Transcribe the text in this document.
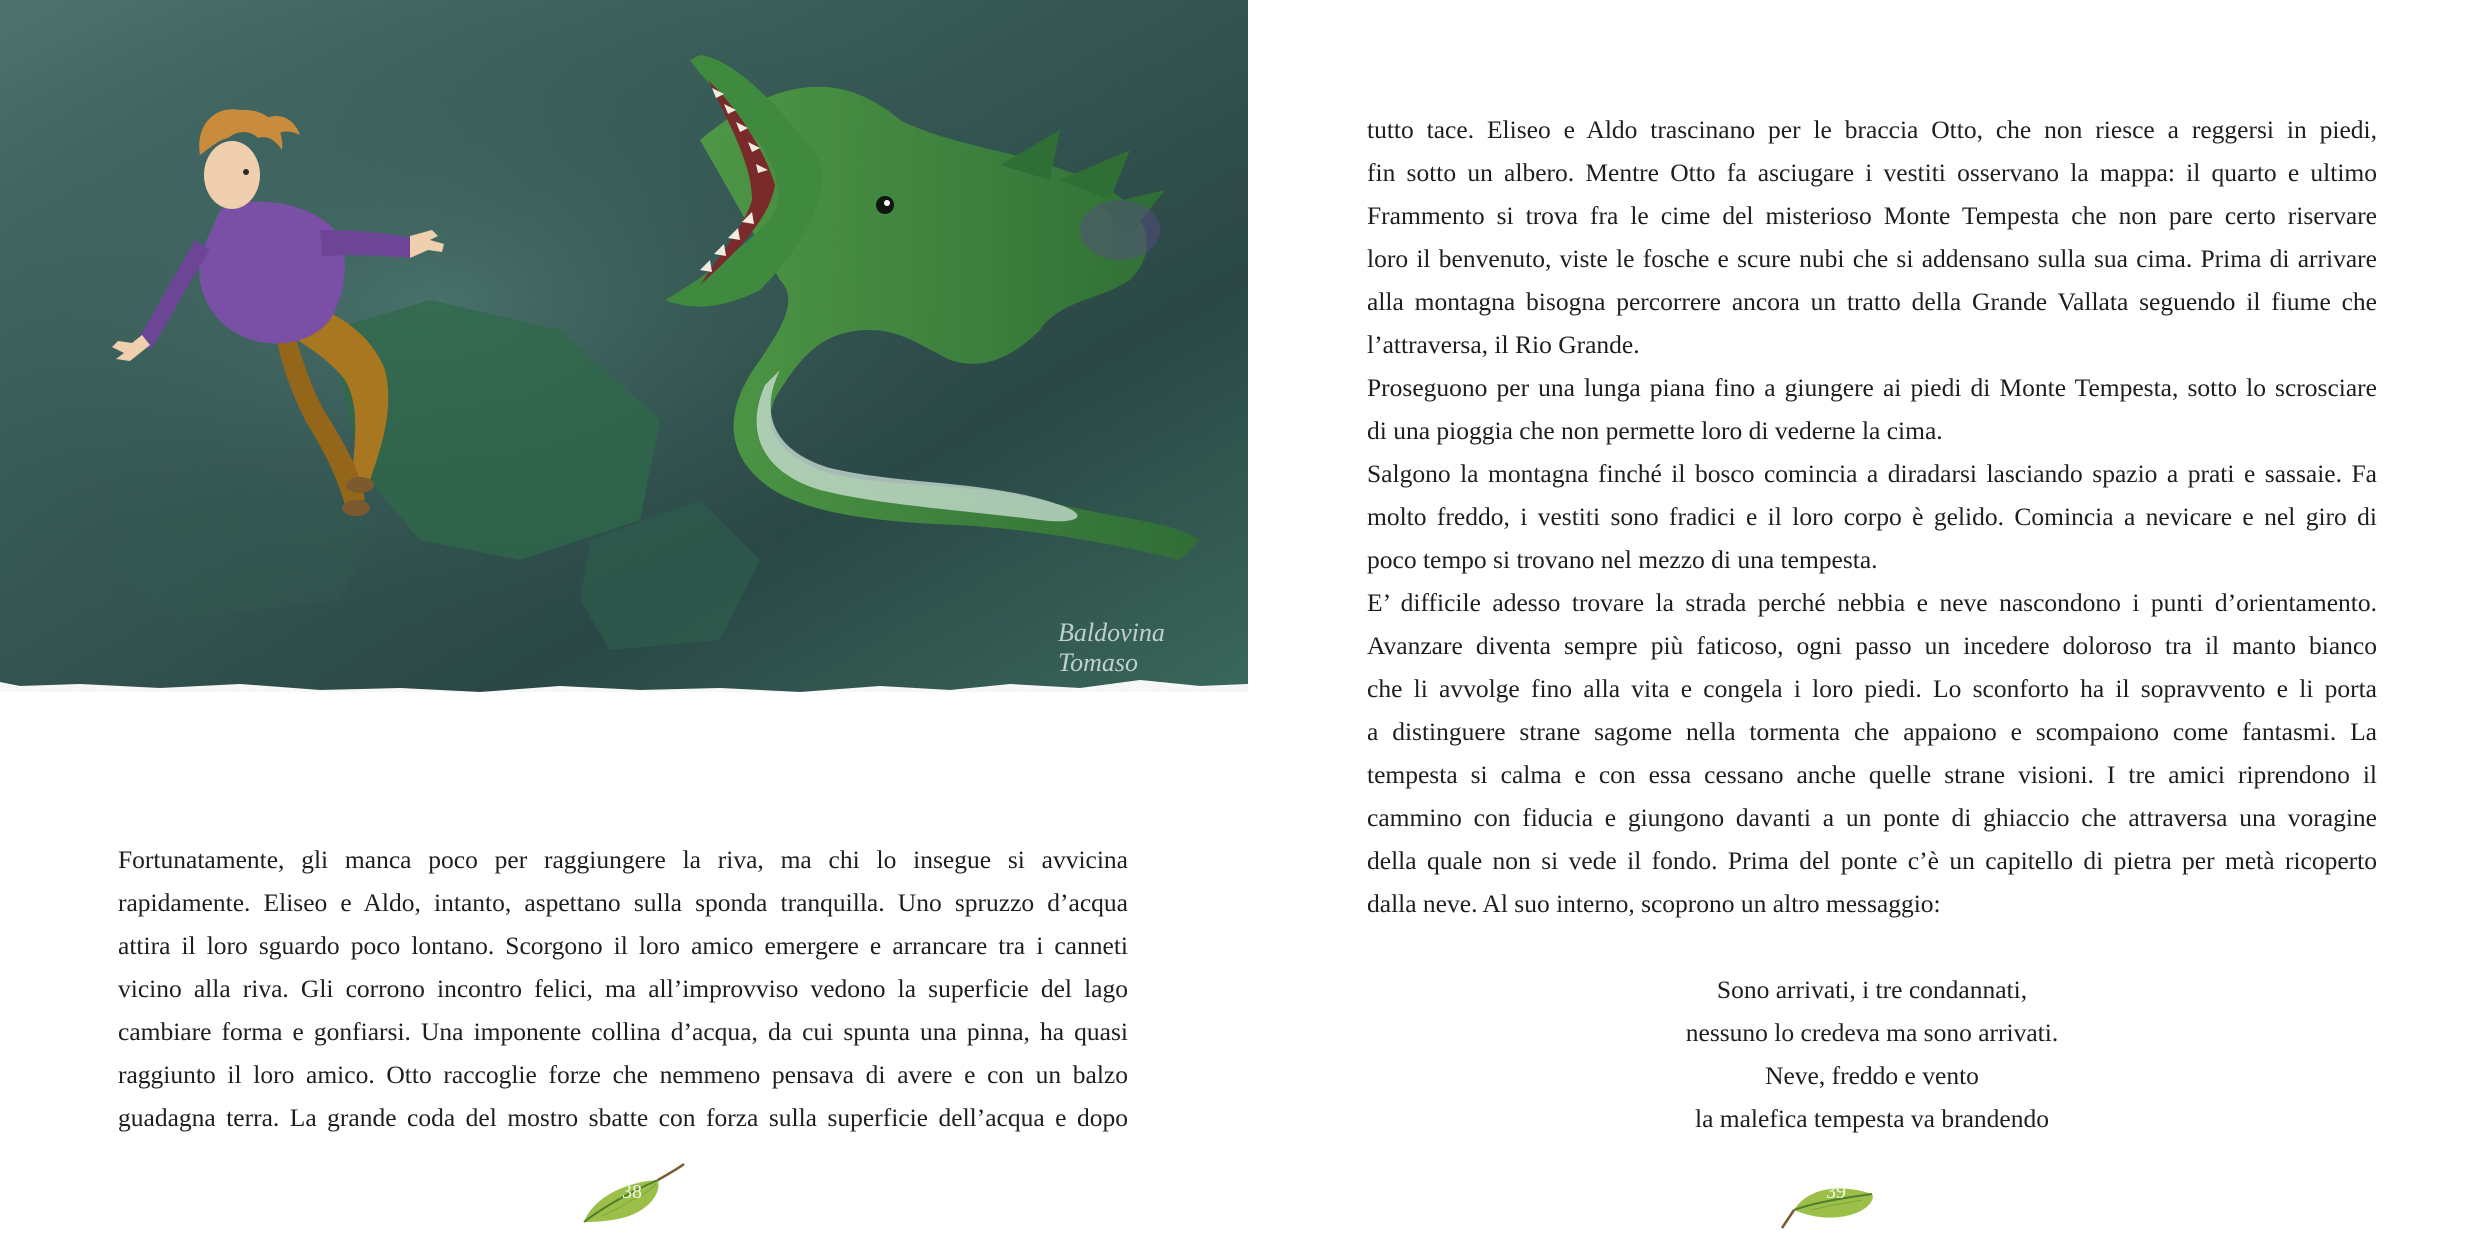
Baldovina Tomaso
Fortunatamente, gli manca poco per raggiungere la riva, ma chi lo insegue si avvicina
rapidamente. Eliseo e Aldo, intanto, aspettano sulla sponda tranquilla. Uno spruzzo d’acqua
attira il loro sguardo poco lontano. Scorgono il loro amico emergere e arrancare tra i canneti
vicino alla riva. Gli corrono incontro felici, ma all’improvviso vedono la superficie del lago
cambiare forma e gonfiarsi. Una imponente collina d’acqua, da cui spunta una pinna, ha quasi
raggiunto il loro amico. Otto raccoglie forze che nemmeno pensava di avere e con un balzo
guadagna terra. La grande coda del mostro sbatte con forza sulla superficie dell’acqua e dopo
38
tutto tace. Eliseo e Aldo trascinano per le braccia Otto, che non riesce a reggersi in piedi,
fin sotto un albero. Mentre Otto fa asciugare i vestiti osservano la mappa: il quarto e ultimo
Frammento si trova fra le cime del misterioso Monte Tempesta che non pare certo riservare
loro il benvenuto, viste le fosche e scure nubi che si addensano sulla sua cima. Prima di arrivare
alla montagna bisogna percorrere ancora un tratto della Grande Vallata seguendo il fiume che
l’attraversa, il Rio Grande.
Proseguono per una lunga piana fino a giungere ai piedi di Monte Tempesta, sotto lo scrosciare
di una pioggia che non permette loro di vederne la cima.
Salgono la montagna finché il bosco comincia a diradarsi lasciando spazio a prati e sassaie. Fa
molto freddo, i vestiti sono fradici e il loro corpo è gelido. Comincia a nevicare e nel giro di
poco tempo si trovano nel mezzo di una tempesta.
E’ difficile adesso trovare la strada perché nebbia e neve nascondono i punti d’orientamento.
Avanzare diventa sempre più faticoso, ogni passo un incedere doloroso tra il manto bianco
che li avvolge fino alla vita e congela i loro piedi. Lo sconforto ha il sopravvento e li porta
a distinguere strane sagome nella tormenta che appaiono e scompaiono come fantasmi. La
tempesta si calma e con essa cessano anche quelle strane visioni. I tre amici riprendono il
cammino con fiducia e giungono davanti a un ponte di ghiaccio che attraversa una voragine
della quale non si vede il fondo. Prima del ponte c’è un capitello di pietra per metà ricoperto
dalla neve. Al suo interno, scoprono un altro messaggio:
Sono arrivati, i tre condannati,
nessuno lo credeva ma sono arrivati.
Neve, freddo e vento
la malefica tempesta va brandendo
39
